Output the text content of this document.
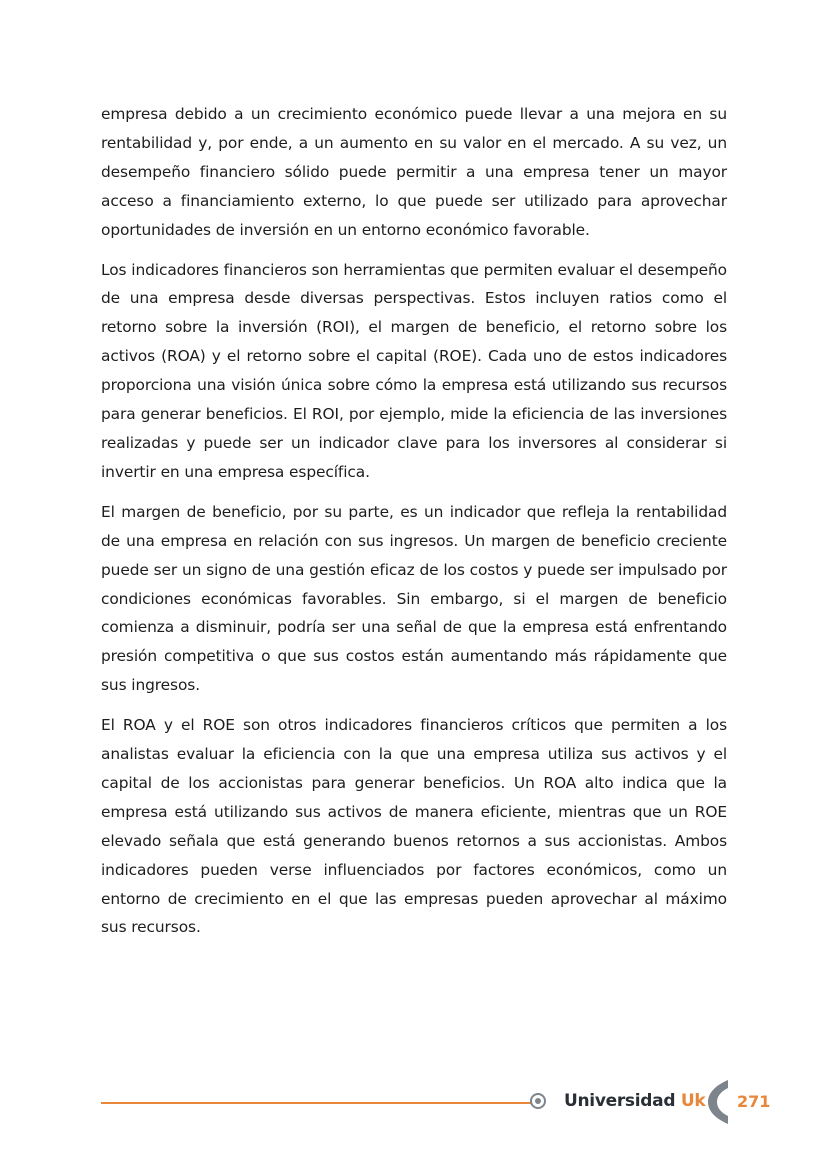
empresa debido a un crecimiento económico puede llevar a una mejora en su rentabilidad y, por ende, a un aumento en su valor en el mercado. A su vez, un desempeño financiero sólido puede permitir a una empresa tener un mayor acceso a financiamiento externo, lo que puede ser utilizado para aprovechar oportunidades de inversión en un entorno económico favorable.

Los indicadores financieros son herramientas que permiten evaluar el desempeño de una empresa desde diversas perspectivas. Estos incluyen ratios como el retorno sobre la inversión (ROI), el margen de beneficio, el retorno sobre los activos (ROA) y el retorno sobre el capital (ROE). Cada uno de estos indicadores proporciona una visión única sobre cómo la empresa está utilizando sus recursos para generar beneficios. El ROI, por ejemplo, mide la eficiencia de las inversiones realizadas y puede ser un indicador clave para los inversores al considerar si invertir en una empresa específica.

El margen de beneficio, por su parte, es un indicador que refleja la rentabilidad de una empresa en relación con sus ingresos. Un margen de beneficio creciente puede ser un signo de una gestión eficaz de los costos y puede ser impulsado por condiciones económicas favorables. Sin embargo, si el margen de beneficio comienza a disminuir, podría ser una señal de que la empresa está enfrentando presión competitiva o que sus costos están aumentando más rápidamente que sus ingresos.

El ROA y el ROE son otros indicadores financieros críticos que permiten a los analistas evaluar la eficiencia con la que una empresa utiliza sus activos y el capital de los accionistas para generar beneficios. Un ROA alto indica que la empresa está utilizando sus activos de manera eficiente, mientras que un ROE elevado señala que está generando buenos retornos a sus accionistas. Ambos indicadores pueden verse influenciados por factores económicos, como un entorno de crecimiento en el que las empresas pueden aprovechar al máximo sus recursos.

Universidad Uk 271
